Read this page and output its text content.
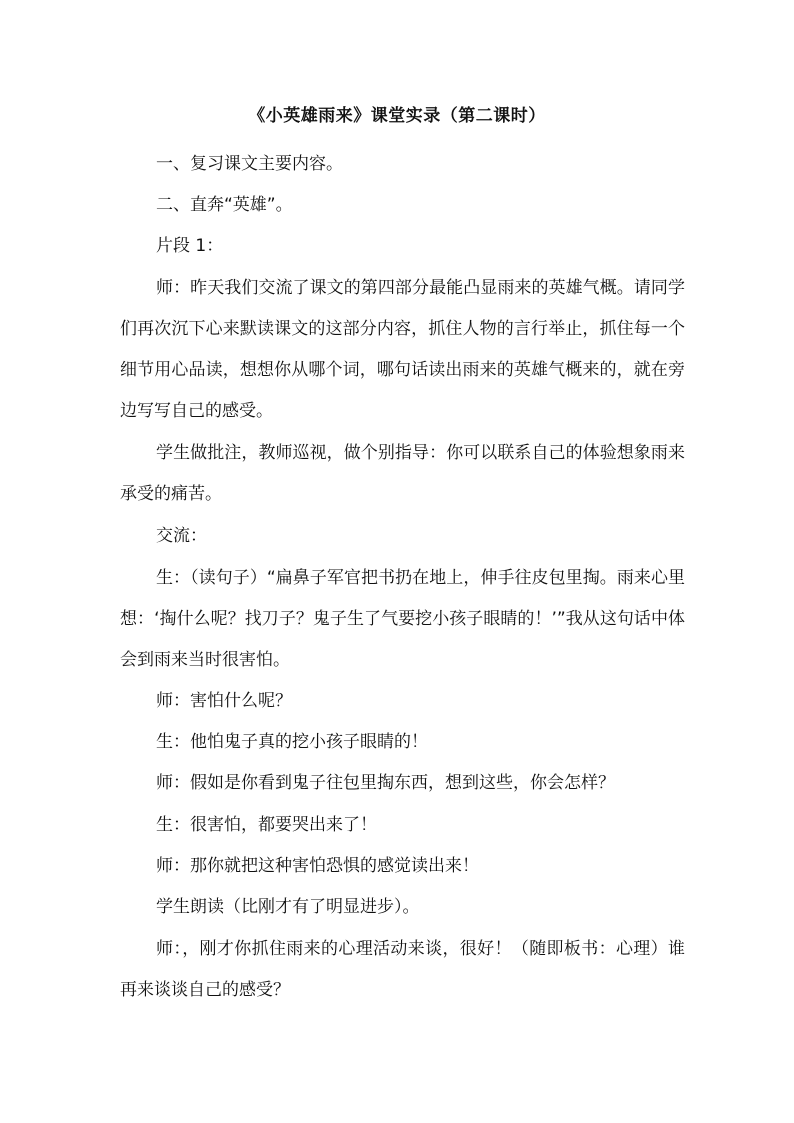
《小英雄雨来》课堂实录（第二课时）

一、复习课文主要内容。

二、直奔“英雄”。

片段 1：

师：昨天我们交流了课文的第四部分最能凸显雨来的英雄气概。请同学们再次沉下心来默读课文的这部分内容，抓住人物的言行举止，抓住每一个细节用心品读，想想你从哪个词，哪句话读出雨来的英雄气概来的，就在旁边写写自己的感受。

学生做批注，教师巡视，做个别指导：你可以联系自己的体验想象雨来承受的痛苦。

交流：

生：（读句子）“扁鼻子军官把书扔在地上，伸手往皮包里掏。雨来心里想：‘掏什么呢？找刀子？鬼子生了气要挖小孩子眼睛的！’”我从这句话中体会到雨来当时很害怕。

师：害怕什么呢？

生：他怕鬼子真的挖小孩子眼睛的！

师：假如是你看到鬼子往包里掏东西，想到这些，你会怎样？

生：很害怕，都要哭出来了！

师：那你就把这种害怕恐惧的感觉读出来！

学生朗读（比刚才有了明显进步）。

师：，刚才你抓住雨来的心理活动来谈，很好！（随即板书：心理）谁再来谈谈自己的感受？
